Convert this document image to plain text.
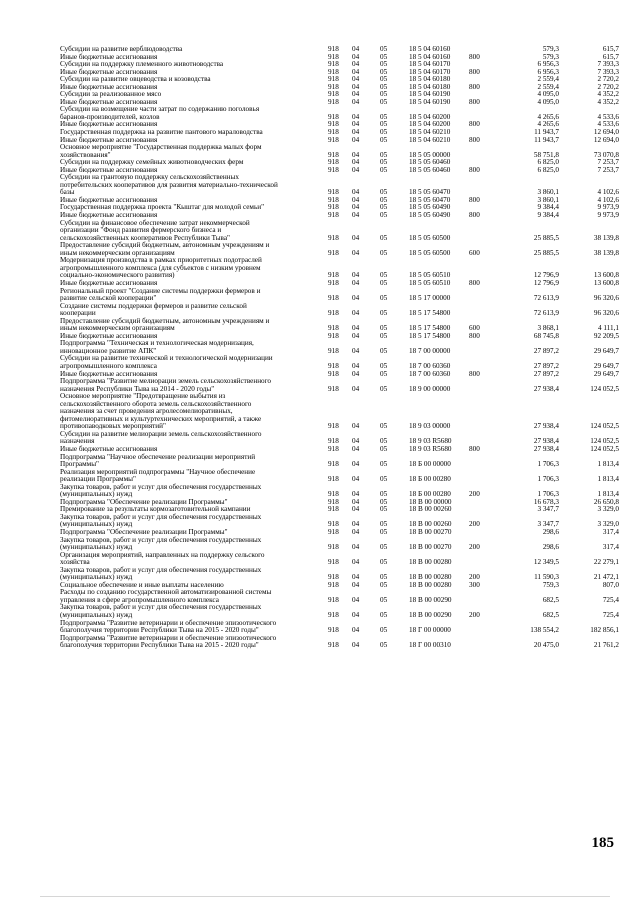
Субсидии на развитие верблюдоводства	918	04	05	18 5 04 60160	579,3	615,7
Иные бюджетные ассигнования	918	04	05	18 5 04 60160	800	579,3	615,7
Субсидии на поддержку племенного животноводства	918	04	05	18 5 04 60170	6 956,3	7 393,3
Иные бюджетные ассигнования	918	04	05	18 5 04 60170	800	6 956,3	7 393,3
Субсидии на развитие овцеводства и козоводства	918	04	05	18 5 04 60180	2 559,4	2 720,2
Иные бюджетные ассигнования	918	04	05	18 5 04 60180	800	2 559,4	2 720,2
Субсидии за реализованное мясо	918	04	05	18 5 04 60190	4 095,0	4 352,2
Иные бюджетные ассигнования	918	04	05	18 5 04 60190	800	4 095,0	4 352,2
Субсидии на возмещение части затрат по содержанию поголовья
баранов-производителей, козлов	918	04	05	18 5 04 60200	4 265,6	4 533,6
Иные бюджетные ассигнования	918	04	05	18 5 04 60200	800	4 265,6	4 533,6
Государственная поддержка на развитие пантового мараловодства	918	04	05	18 5 04 60210	11 943,7	12 694,0
Иные бюджетные ассигнования	918	04	05	18 5 04 60210	800	11 943,7	12 694,0
Основное мероприятие "Государственная поддержка малых форм
хозяйствования"	918	04	05	18 5 05 00000	58 751,8	73 070,8
Субсидии на поддержку семейных животноводческих ферм	918	04	05	18 5 05 60460	6 825,0	7 253,7
Иные бюджетные ассигнования	918	04	05	18 5 05 60460	800	6 825,0	7 253,7
Субсидии на грантовую поддержку сельскохозяйственных
потребительских кооперативов для развития материально-технической
базы	918	04	05	18 5 05 60470	3 860,1	4 102,6
Иные бюджетные ассигнования	918	04	05	18 5 05 60470	800	3 860,1	4 102,6
Государственная поддержка проекта "Кыштаг для молодой семьи"	918	04	05	18 5 05 60490	9 384,4	9 973,9
Иные бюджетные ассигнования	918	04	05	18 5 05 60490	800	9 384,4	9 973,9
Субсидии на финансовое обеспечение затрат некоммерческой
организации "Фонд развития фермерского бизнеса и
сельскохозяйственных кооперативов Республики Тыва"	918	04	05	18 5 05 60500	25 885,5	38 139,8
Предоставление субсидий бюджетным, автономным учреждениям и
иным некоммерческим организациям	918	04	05	18 5 05 60500	600	25 885,5	38 139,8
Модернизация производства в рамках приоритетных подотраслей
агропромышленного комплекса (для субъектов с низким уровнем
социально-экономического развития)	918	04	05	18 5 05 60510	12 796,9	13 600,8
Иные бюджетные ассигнования	918	04	05	18 5 05 60510	800	12 796,9	13 600,8
Региональный проект "Создание системы поддержки фермеров и
развитие сельской кооперации"	918	04	05	18 5 17 00000	72 613,9	96 320,6
Создание системы поддержки фермеров и развитие сельской
кооперации	918	04	05	18 5 17 54800	72 613,9	96 320,6
Предоставление субсидий бюджетным, автономным учреждениям и
иным некоммерческим организациям	918	04	05	18 5 17 54800	600	3 868,1	4 111,1
Иные бюджетные ассигнования	918	04	05	18 5 17 54800	800	68 745,8	92 209,5
Подпрограмма "Техническая и технологическая модернизация,
инновационное развитие АПК"	918	04	05	18 7 00 00000	27 897,2	29 649,7
Субсидии на развитие технической и технологической модернизации
агропромышленного комплекса	918	04	05	18 7 00 60360	27 897,2	29 649,7
Иные бюджетные ассигнования	918	04	05	18 7 00 60360	800	27 897,2	29 649,7
Подпрограмма "Развитие мелиорации земель сельскохозяйственного
назначения Республики Тыва на 2014 - 2020 годы"	918	04	05	18 9 00 00000	27 938,4	124 052,5
Основное мероприятие "Предотвращение выбытия из
сельскохозяйственного оборота земель сельскохозяйственного
назначения за счет проведения агролесомелиоративных,
фитомелиоративных и культуртехнических мероприятий, а также
противопаводковых мероприятий"	918	04	05	18 9 03 00000	27 938,4	124 052,5
Субсидии на развитие мелиорации земель сельскохозяйственного
назначения	918	04	05	18 9 03 R5680	27 938,4	124 052,5
Иные бюджетные ассигнования	918	04	05	18 9 03 R5680	800	27 938,4	124 052,5
Подпрограмма "Научное обеспечение реализации мероприятий
Программы"	918	04	05	18 Б 00 00000	1 706,3	1 813,4
Реализация мероприятий подпрограммы "Научное обеспечение
реализации Программы"	918	04	05	18 Б 00 00280	1 706,3	1 813,4
Закупка товаров, работ и услуг для обеспечения государственных
(муниципальных) нужд	918	04	05	18 Б 00 00280	200	1 706,3	1 813,4
Подпрограмма "Обеспечение реализации Программы"	918	04	05	18 В 00 00000	16 678,3	26 650,8
Премирование за результаты кормозаготовительной кампании	918	04	05	18 В 00 00260	3 347,7	3 329,0
Закупка товаров, работ и услуг для обеспечения государственных
(муниципальных) нужд	918	04	05	18 В 00 00260	200	3 347,7	3 329,0
Подпрограмма "Обеспечение реализации Программы"	918	04	05	18 В 00 00270	298,6	317,4
Закупка товаров, работ и услуг для обеспечения государственных
(муниципальных) нужд	918	04	05	18 В 00 00270	200	298,6	317,4
Организация мероприятий, направленных на поддержку сельского
хозяйства	918	04	05	18 В 00 00280	12 349,5	22 279,1
Закупка товаров, работ и услуг для обеспечения государственных
(муниципальных) нужд	918	04	05	18 В 00 00280	200	11 590,3	21 472,1
Социальное обеспечение и иные выплаты населению	918	04	05	18 В 00 00280	300	759,3	807,0
Расходы по созданию государственной автоматизированной системы
управления в сфере агропромышленного комплекса	918	04	05	18 В 00 00290	682,5	725,4
Закупка товаров, работ и услуг для обеспечения государственных
(муниципальных) нужд	918	04	05	18 В 00 00290	200	682,5	725,4
Подпрограмма "Развитие ветеринарии и обеспечение эпизоотического
благополучия территории Республики Тыва на 2015 - 2020 годы"	918	04	05	18 Г 00 00000	138 554,2	182 856,1
Подпрограмма "Развитие ветеринарии и обеспечение эпизоотического
благополучия территории Республики Тыва на 2015 - 2020 годы"	918	04	05	18 Г 00 00310	20 475,0	21 761,2
185
